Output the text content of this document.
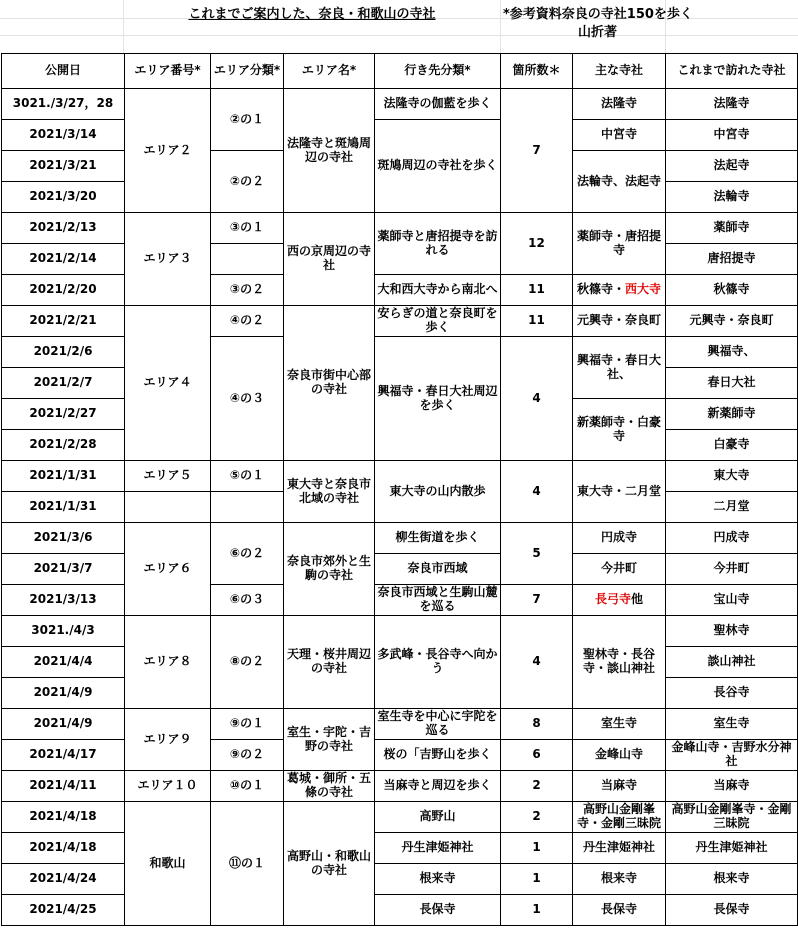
これまでご案内した、奈良・和歌山の寺社	*参考資料奈良の寺社150を歩く
山折著
公開日	エリア番号*	エリア分類*	エリア名*	行き先分類*	箇所数＊	主な寺社	これまで訪れた寺社
3021./3/27，28	エリア２	②の１	法隆寺と斑鳩周辺の寺社	法隆寺の伽藍を歩く	7	法隆寺	法隆寺
2021/3/14				斑鳩周辺の寺社を歩く		中宮寺	中宮寺
2021/3/21		②の２				法輪寺、法起寺	法起寺
2021/3/20							法輪寺
2021/2/13	エリア３	③の１	西の京周辺の寺社	薬師寺と唐招提寺を訪れる	12	薬師寺・唐招提寺	薬師寺
2021/2/14							唐招提寺
2021/2/20		③の２		大和西大寺から南北へ	11	秋篠寺・西大寺	秋篠寺
2021/2/21	エリア４	④の２	奈良市街中心部の寺社	安らぎの道と奈良町を歩く	11	元興寺・奈良町	元興寺・奈良町
2021/2/6		④の３		興福寺・春日大社周辺を歩く	4	興福寺・春日大社、	興福寺、
2021/2/7							春日大社
2021/2/27						新薬師寺・白豪寺	新薬師寺
2021/2/28							白豪寺
2021/1/31	エリア５	⑤の１	東大寺と奈良市北域の寺社	東大寺の山内散歩	4	東大寺・二月堂	東大寺
2021/1/31							二月堂
2021/3/6	エリア６	⑥の２	奈良市郊外と生駒の寺社	柳生街道を歩く	5	円成寺	円成寺
2021/3/7				奈良市西域		今井町	今井町
2021/3/13		⑥の３		奈良市西域と生駒山麓を巡る	7	長弓寺他	宝山寺
3021./4/3	エリア８	⑧の２	天理・桜井周辺の寺社	多武峰・長谷寺へ向かう	4	聖林寺・長谷寺・談山神社	聖林寺
2021/4/4							談山神社
2021/4/9							長谷寺
2021/4/9	エリア９	⑨の１	室生・宇陀・吉野の寺社	室生寺を中心に宇陀を巡る	8	室生寺	室生寺
2021/4/17		⑨の２		桜の「吉野山を歩く	6	金峰山寺	金峰山寺・吉野水分神社
2021/4/11	エリア１０	⑩の１	葛城・御所・五條の寺社	当麻寺と周辺を歩く	2	当麻寺	当麻寺
2021/4/18	和歌山	⑪の１	高野山・和歌山の寺社	高野山	2	高野山金剛峯寺・金剛三昧院	高野山金剛峯寺・金剛三昧院
2021/4/18				丹生津姫神社	1	丹生津姫神社	丹生津姫神社
2021/4/24				根来寺	1	根来寺	根来寺
2021/4/25				長保寺	1	長保寺	長保寺
